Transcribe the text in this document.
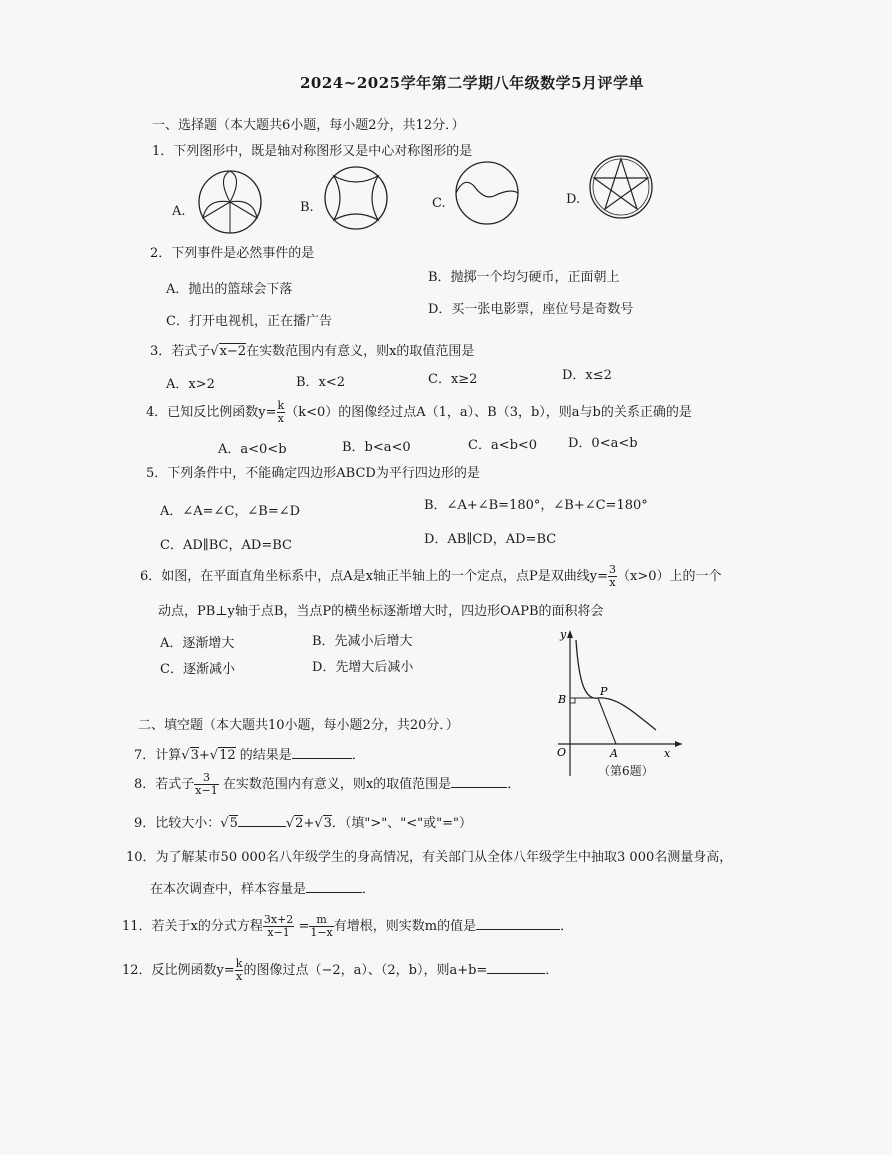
2024~2025学年第二学期八年级数学5月评学单
一、选择题（本大题共6小题，每小题2分，共12分．）
1．下列图形中，既是轴对称图形又是中心对称图形的是
A.	B.	C.	D.
2．下列事件是必然事件的是
A．抛出的篮球会下落
B．抛掷一个均匀硬币，正面朝上
C．打开电视机，正在播广告
D．买一张电影票，座位号是奇数号
3．若式子√x−2在实数范围内有意义，则x的取值范围是
A．x>2	B．x<2	C．x≥2	D．x≤2
4．已知反比例函数$y= \frac{k}{x} (k<0)$的图像经过点A（1，a）、B（3，b），则a与b的关系正确的是
A．a<0<b	B．b<a<0	C．a<b<0 D．0<a<b
5．下列条件中，不能确定四边形ABCD为平行四边形的是
A．∠A=∠C，∠B=∠D	B．∠A+∠B=180°，∠B+∠C=180°
C．AD∥BC，AD=BC	D．AB∥CD，AD=BC
6．如图，在平面直角坐标系中，点A是x轴正半轴上的一个定点，点P是双曲线$y= \frac{3}{x} (x>0)$上的一个
动点，PB⊥y轴于点B，当点P的横坐标逐渐增大时，四边形OAPB的面积将会
A．逐渐增大	B．先减小后增大
C．逐渐减小	D．先增大后减小
y
x
O	A
B
P
（第6题）
二、填空题（本大题共10小题，每小题2分，共20分．）
7．计算√3+√12 的结果是	．
8．若式子 $\frac{3}{x-1}$ 在实数范围内有意义，则x的取值范围是	．
9．比较大小：√5	√2+√3．（填">"、"<"或"="）
10．为了解某市50 000名八年级学生的身高情况，有关部门从全体八年级学生中抽取3 000名测量身高，
在本次调查中，样本容量是	．
11．若关于x的分式方程 $\frac{3x+2}{x-1} = \frac{m}{1-x}$ 有增根，则实数m的值是	．
12．反比例函数$y= \frac{k}{x}$ 的图像过点（−2，a）、（2，b），则a+b=	．
